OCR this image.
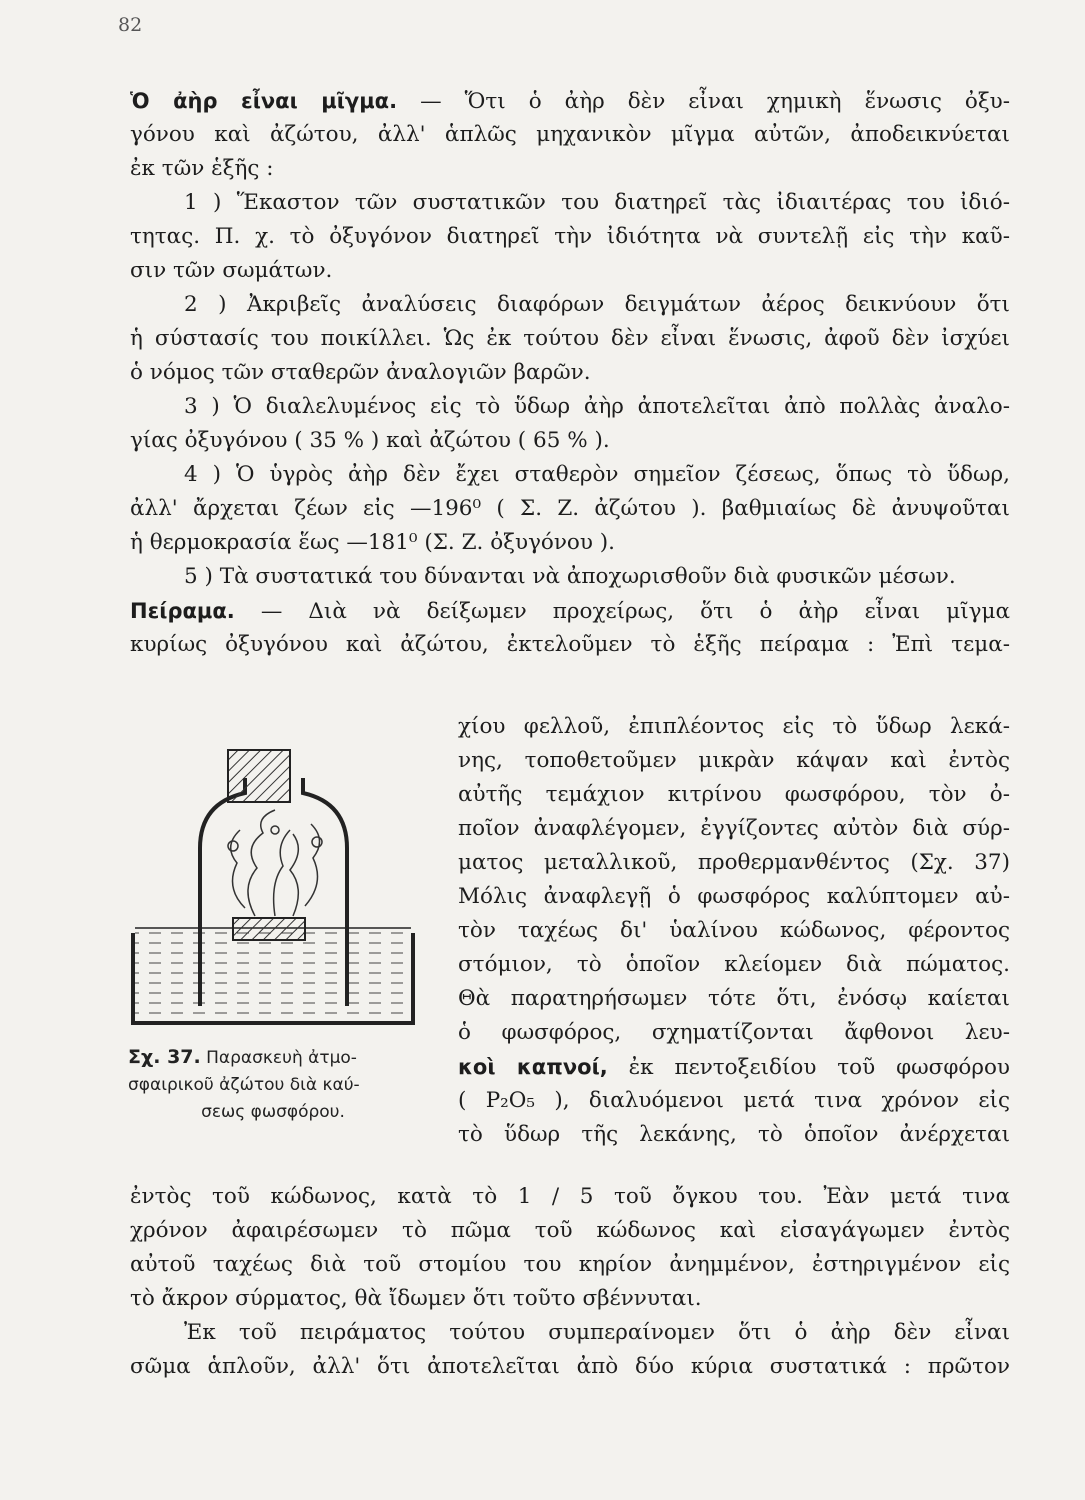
82
Ὁ ἀὴρ εἶναι μῖγμα. — Ὅτι ὁ ἀὴρ δὲν εἶναι χημικὴ ἕνωσις ὀξυ-
γόνου καὶ ἀζώτου, ἀλλ' ἁπλῶς μηχανικὸν μῖγμα αὐτῶν, ἀποδεικνύεται
ἐκ τῶν ἑξῆς :
1 ) Ἕκαστον τῶν συστατικῶν του διατηρεῖ τὰς ἰδιαιτέρας του ἰδιό-
τητας. Π. χ. τὸ ὀξυγόνον διατηρεῖ τὴν ἰδιότητα νὰ συντελῇ εἰς τὴν καῦ-
σιν τῶν σωμάτων.
2 ) Ἀκριβεῖς ἀναλύσεις διαφόρων δειγμάτων ἀέρος δεικνύουν ὅτι
ἡ σύστασίς του ποικίλλει. Ὡς ἐκ τούτου δὲν εἶναι ἕνωσις, ἀφοῦ δὲν ἰσχύει
ὁ νόμος τῶν σταθερῶν ἀναλογιῶν βαρῶν.
3 ) Ὁ διαλελυμένος εἰς τὸ ὕδωρ ἀὴρ ἀποτελεῖται ἀπὸ πολλὰς ἀναλο-
γίας ὀξυγόνου ( 35 % ) καὶ ἀζώτου ( 65 % ).
4 ) Ὁ ὑγρὸς ἀὴρ δὲν ἔχει σταθερὸν σημεῖον ζέσεως, ὅπως τὸ ὕδωρ,
ἀλλ' ἄρχεται ζέων εἰς —196⁰ ( Σ. Ζ. ἀζώτου ). βαθμιαίως δὲ ἀνυψοῦται
ἡ θερμοκρασία ἕως —181⁰ (Σ. Ζ. ὀξυγόνου ).
5 ) Τὰ συστατικά του δύνανται νὰ ἀποχωρισθοῦν διὰ φυσικῶν μέσων.
Πείραμα. — Διὰ νὰ δείξωμεν προχείρως, ὅτι ὁ ἀὴρ εἶναι μῖγμα
κυρίως ὀξυγόνου καὶ ἀζώτου, ἐκτελοῦμεν τὸ ἑξῆς πείραμα : Ἐπὶ τεμα-
χίου φελλοῦ, ἐπιπλέοντος εἰς τὸ ὕδωρ λεκά-
νης, τοποθετοῦμεν μικρὰν κάψαν καὶ ἐντὸς
αὐτῆς τεμάχιον κιτρίνου φωσφόρου, τὸν ὀ-
ποῖον ἀναφλέγομεν, ἐγγίζοντες αὐτὸν διὰ σύρ-
ματος μεταλλικοῦ, προθερμανθέντος (Σχ. 37)
Μόλις ἀναφλεγῇ ὁ φωσφόρος καλύπτομεν αὐ-
τὸν ταχέως δι' ὑαλίνου κώδωνος, φέροντος
στόμιον, τὸ ὁποῖον κλείομεν διὰ πώματος.
Θὰ παρατηρήσωμεν τότε ὅτι, ἐνόσῳ καίεται
ὁ φωσφόρος, σχηματίζονται ἄφθονοι λευ-
κοὶ καπνοί, ἐκ πεντοξειδίου τοῦ φωσφόρου
( P₂O₅ ), διαλυόμενοι μετά τινα χρόνον εἰς
τὸ ὕδωρ τῆς λεκάνης, τὸ ὁποῖον ἀνέρχεται
ἐντὸς τοῦ κώδωνος, κατὰ τὸ 1 / 5 τοῦ ὄγκου του. Ἐὰν μετά τινα
χρόνον ἀφαιρέσωμεν τὸ πῶμα τοῦ κώδωνος καὶ εἰσαγάγωμεν ἐντὸς
αὐτοῦ ταχέως διὰ τοῦ στομίου του κηρίον ἀνημμένον, ἐστηριγμένον εἰς
τὸ ἄκρον σύρματος, θὰ ἴδωμεν ὅτι τοῦτο σβέννυται.
Ἐκ τοῦ πειράματος τούτου συμπεραίνομεν ὅτι ὁ ἀὴρ δὲν εἶναι
σῶμα ἁπλοῦν, ἀλλ' ὅτι ἀποτελεῖται ἀπὸ δύο κύρια συστατικά : πρῶτον
Σχ. 37. Παρασκευὴ ἀτμο-
σφαιρικοῦ ἀζώτου διὰ καύ-
σεως φωσφόρου.
